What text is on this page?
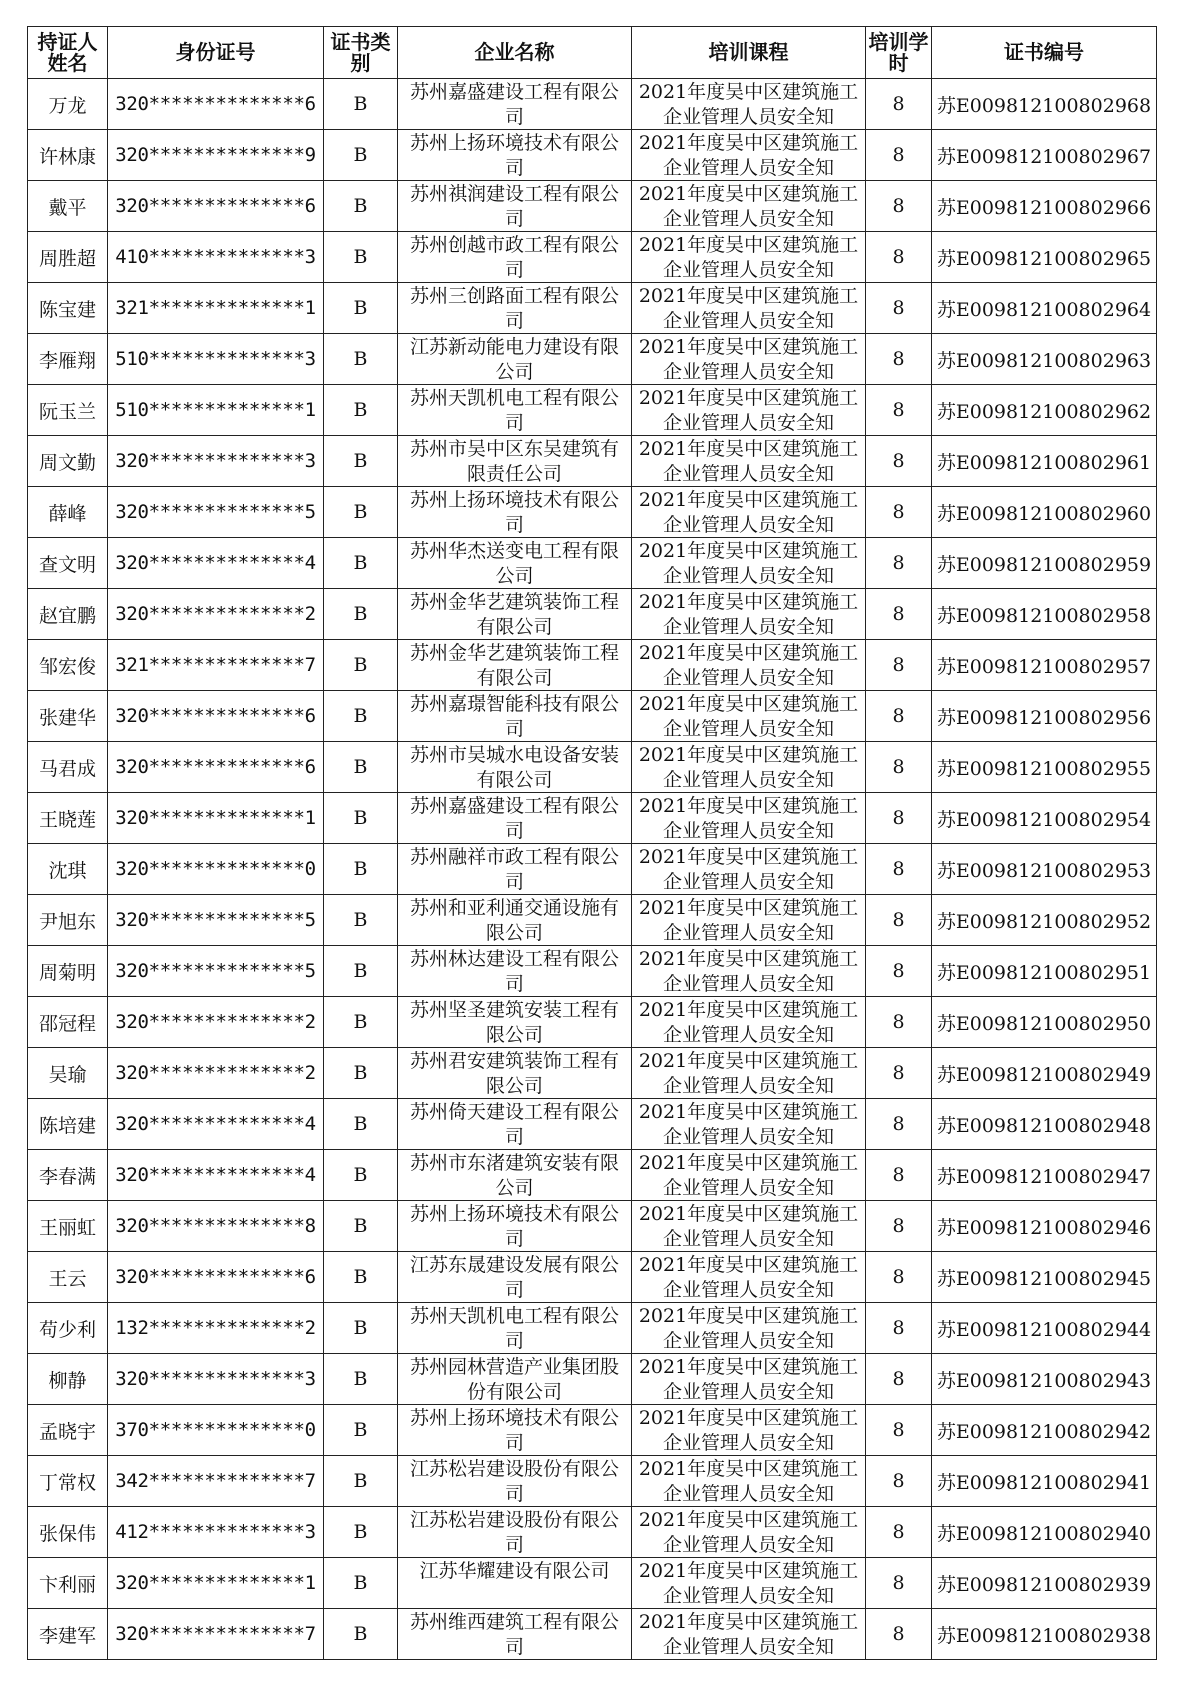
持证人姓名	身份证号	证书类别	企业名称	培训课程	培训学时	证书编号
万龙	320**************6	B	苏州嘉盛建设工程有限公司	2021年度吴中区建筑施工企业管理人员安全知	8	苏E009812100802968
许林康	320**************9	B	苏州上扬环境技术有限公司	2021年度吴中区建筑施工企业管理人员安全知	8	苏E009812100802967
戴平	320**************6	B	苏州祺润建设工程有限公司	2021年度吴中区建筑施工企业管理人员安全知	8	苏E009812100802966
周胜超	410**************3	B	苏州创越市政工程有限公司	2021年度吴中区建筑施工企业管理人员安全知	8	苏E009812100802965
陈宝建	321**************1	B	苏州三创路面工程有限公司	2021年度吴中区建筑施工企业管理人员安全知	8	苏E009812100802964
李雁翔	510**************3	B	江苏新动能电力建设有限公司	2021年度吴中区建筑施工企业管理人员安全知	8	苏E009812100802963
阮玉兰	510**************1	B	苏州天凯机电工程有限公司	2021年度吴中区建筑施工企业管理人员安全知	8	苏E009812100802962
周文勤	320**************3	B	苏州市吴中区东吴建筑有限责任公司	2021年度吴中区建筑施工企业管理人员安全知	8	苏E009812100802961
薛峰	320**************5	B	苏州上扬环境技术有限公司	2021年度吴中区建筑施工企业管理人员安全知	8	苏E009812100802960
查文明	320**************4	B	苏州华杰送变电工程有限公司	2021年度吴中区建筑施工企业管理人员安全知	8	苏E009812100802959
赵宜鹏	320**************2	B	苏州金华艺建筑装饰工程有限公司	2021年度吴中区建筑施工企业管理人员安全知	8	苏E009812100802958
邹宏俊	321**************7	B	苏州金华艺建筑装饰工程有限公司	2021年度吴中区建筑施工企业管理人员安全知	8	苏E009812100802957
张建华	320**************6	B	苏州嘉璟智能科技有限公司	2021年度吴中区建筑施工企业管理人员安全知	8	苏E009812100802956
马君成	320**************6	B	苏州市吴城水电设备安装有限公司	2021年度吴中区建筑施工企业管理人员安全知	8	苏E009812100802955
王晓莲	320**************1	B	苏州嘉盛建设工程有限公司	2021年度吴中区建筑施工企业管理人员安全知	8	苏E009812100802954
沈琪	320**************0	B	苏州融祥市政工程有限公司	2021年度吴中区建筑施工企业管理人员安全知	8	苏E009812100802953
尹旭东	320**************5	B	苏州和亚利通交通设施有限公司	2021年度吴中区建筑施工企业管理人员安全知	8	苏E009812100802952
周菊明	320**************5	B	苏州林达建设工程有限公司	2021年度吴中区建筑施工企业管理人员安全知	8	苏E009812100802951
邵冠程	320**************2	B	苏州坚圣建筑安装工程有限公司	2021年度吴中区建筑施工企业管理人员安全知	8	苏E009812100802950
吴瑜	320**************2	B	苏州君安建筑装饰工程有限公司	2021年度吴中区建筑施工企业管理人员安全知	8	苏E009812100802949
陈培建	320**************4	B	苏州倚天建设工程有限公司	2021年度吴中区建筑施工企业管理人员安全知	8	苏E009812100802948
李春满	320**************4	B	苏州市东渚建筑安装有限公司	2021年度吴中区建筑施工企业管理人员安全知	8	苏E009812100802947
王丽虹	320**************8	B	苏州上扬环境技术有限公司	2021年度吴中区建筑施工企业管理人员安全知	8	苏E009812100802946
王云	320**************6	B	江苏东晟建设发展有限公司	2021年度吴中区建筑施工企业管理人员安全知	8	苏E009812100802945
苟少利	132**************2	B	苏州天凯机电工程有限公司	2021年度吴中区建筑施工企业管理人员安全知	8	苏E009812100802944
柳静	320**************3	B	苏州园林营造产业集团股份有限公司	2021年度吴中区建筑施工企业管理人员安全知	8	苏E009812100802943
孟晓宇	370**************0	B	苏州上扬环境技术有限公司	2021年度吴中区建筑施工企业管理人员安全知	8	苏E009812100802942
丁常权	342**************7	B	江苏松岩建设股份有限公司	2021年度吴中区建筑施工企业管理人员安全知	8	苏E009812100802941
张保伟	412**************3	B	江苏松岩建设股份有限公司	2021年度吴中区建筑施工企业管理人员安全知	8	苏E009812100802940
卞利丽	320**************1	B	江苏华耀建设有限公司	2021年度吴中区建筑施工企业管理人员安全知	8	苏E009812100802939
李建军	320**************7	B	苏州维西建筑工程有限公司	2021年度吴中区建筑施工企业管理人员安全知	8	苏E009812100802938
